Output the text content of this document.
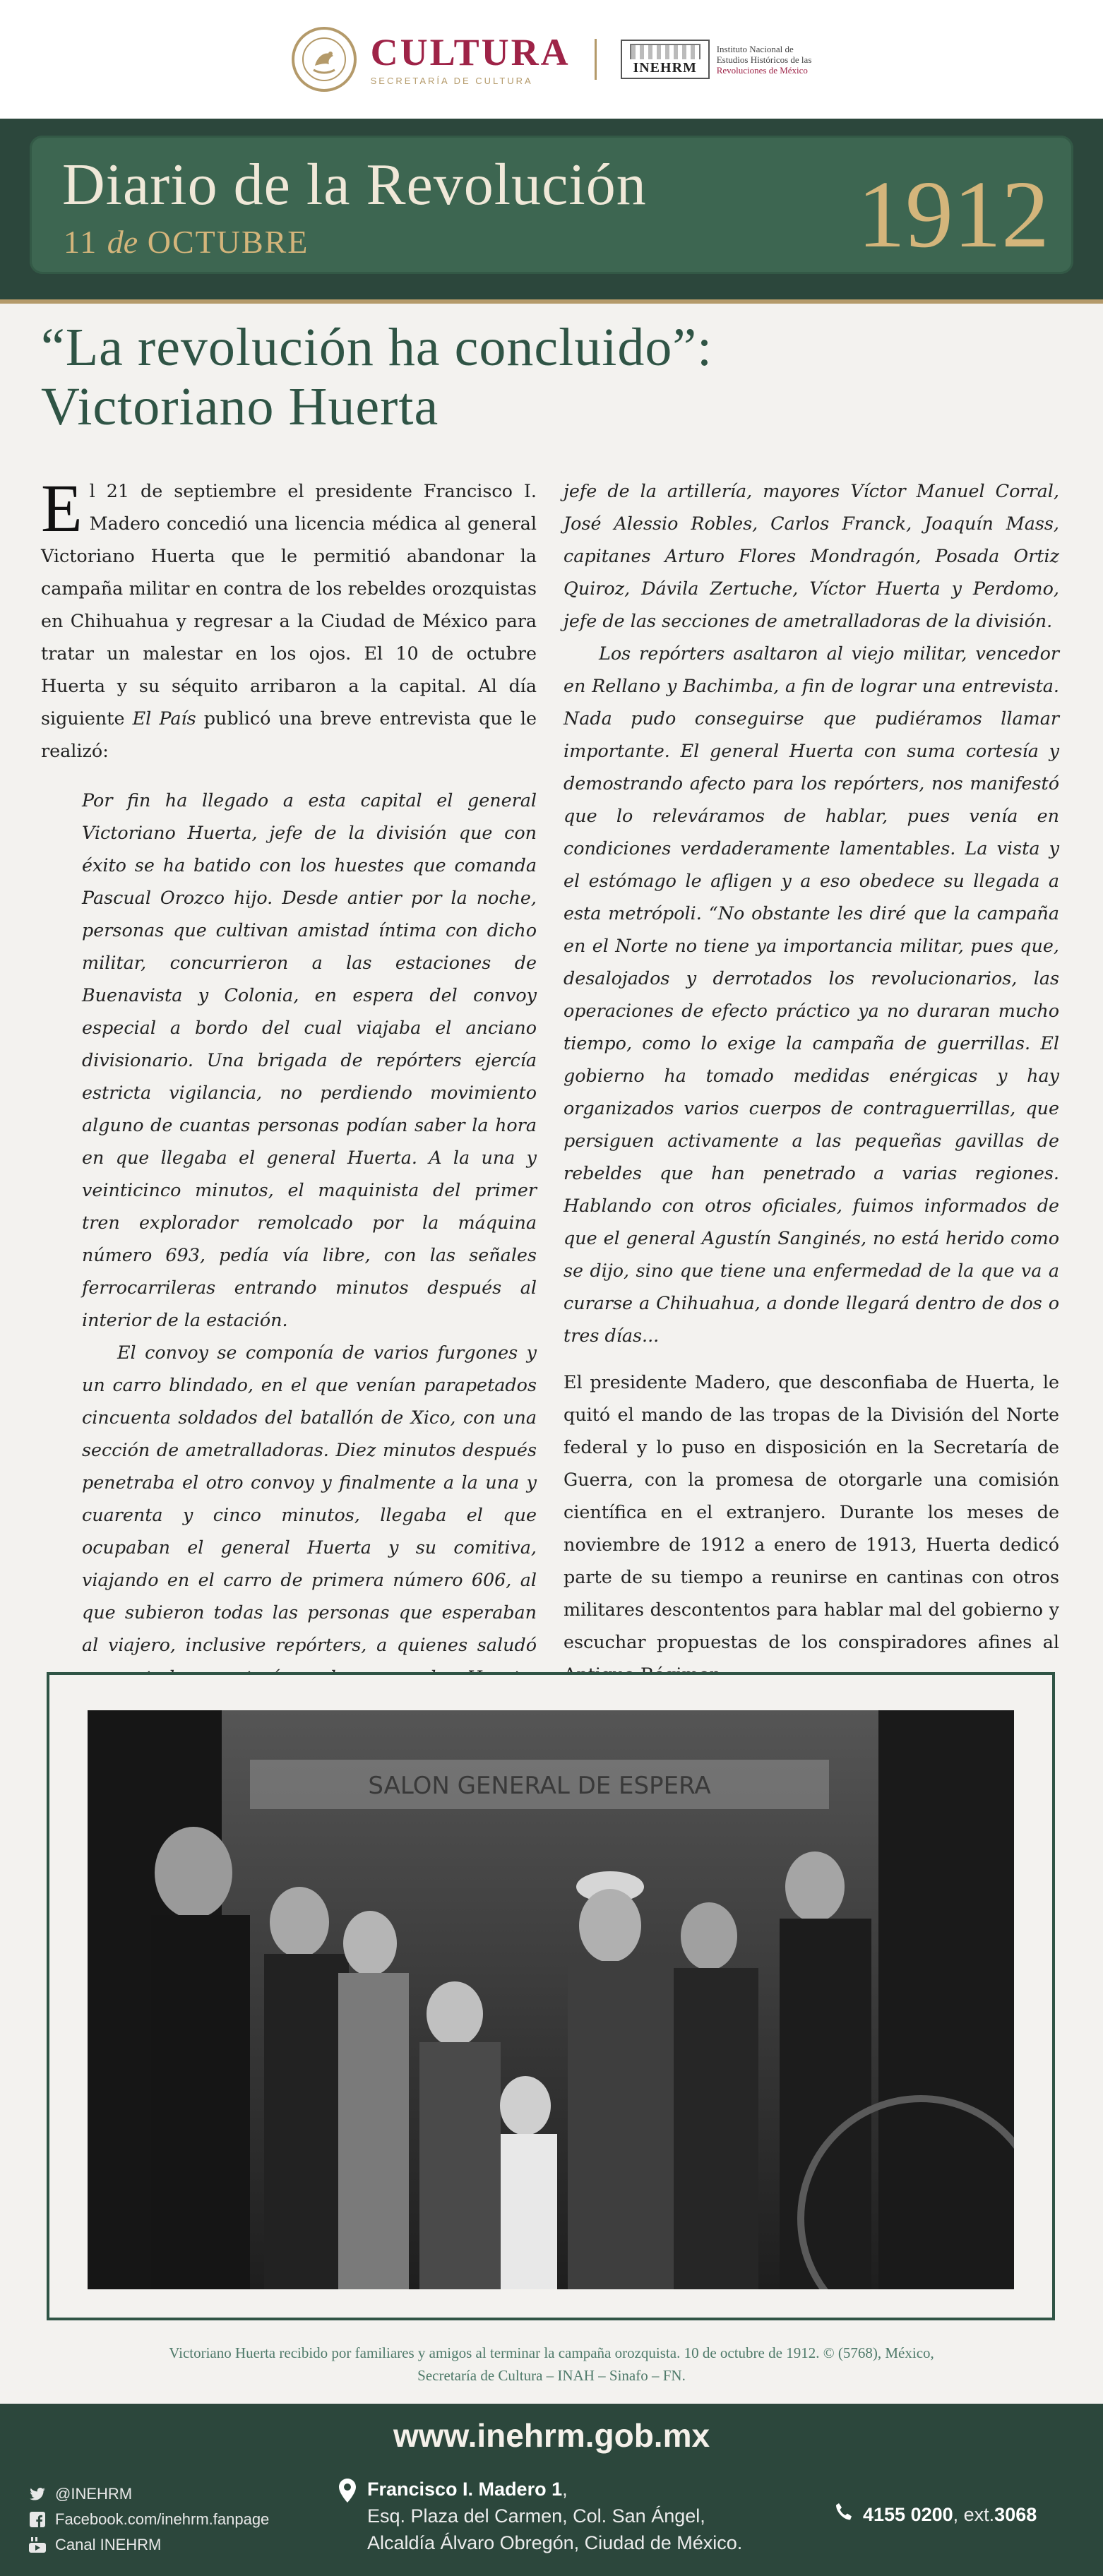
CULTURA
SECRETARÍA DE CULTURA
INEHRM
Instituto Nacional de
Estudios Históricos de las
Revoluciones de México
Diario de la Revolución
11 de OCTUBRE	1912
“La revolución ha concluido”:
Victoriano Huerta

El 21 de septiembre el presidente Francisco I. Madero concedió una licencia médica al general Victoriano Huerta que le permitió abandonar la campaña militar en contra de los rebeldes orozquistas en Chihuahua y regresar a la Ciudad de México para tratar un malestar en los ojos. El 10 de octubre Huerta y su séquito arribaron a la capital. Al día siguiente El País publicó una breve entrevista que le realizó:

Por fin ha llegado a esta capital el general Victoriano Huerta, jefe de la división que con éxito se ha batido con los huestes que comanda Pascual Orozco hijo. Desde antier por la noche, personas que cultivan amistad íntima con dicho militar, concurrieron a las estaciones de Buenavista y Colonia, en espera del convoy especial a bordo del cual viajaba el anciano divisionario. Una brigada de repórters ejercía estricta vigilancia, no perdiendo movimiento alguno de cuantas personas podían saber la hora en que llegaba el general Huerta. A la una y veinticinco minutos, el maquinista del primer tren explorador remolcado por la máquina número 693, pedía vía libre, con las señales ferrocarrileras entrando minutos después al interior de la estación.

El convoy se componía de varios furgones y un carro blindado, en el que venían parapetados cincuenta soldados del batallón de Xico, con una sección de ametralladoras. Diez minutos después penetraba el otro convoy y finalmente a la una y cuarenta y cinco minutos, llegaba el que ocupaban el general Huerta y su comitiva, viajando en el carro de primera número 606, al que subieron todas las personas que esperaban al viajero, inclusive repórters, a quienes saludó

jefe de la artillería, mayores Víctor Manuel Corral, José Alessio Robles, Carlos Franck, Joaquín Mass, capitanes Arturo Flores Mondragón, Posada Ortiz Quiroz, Dávila Zertuche, Víctor Huerta y Perdomo, jefe de las secciones de ametralladoras de la división.

Los repórters asaltaron al viejo militar, vencedor en Rellano y Bachimba, a fin de lograr una entrevista. Nada pudo conseguirse que pudiéramos llamar importante. El general Huerta con suma cortesía y demostrando afecto para los repórters, nos manifestó que lo releváramos de hablar, pues venía en condiciones verdaderamente lamentables. La vista y el estómago le afligen y a eso obedece su llegada a esta metrópoli. “No obstante les diré que la campaña en el Norte no tiene ya importancia militar, pues que, desalojados y derrotados los revolucionarios, las operaciones de efecto práctico ya no duraran mucho tiempo, como lo exige la campaña de guerrillas. El gobierno ha tomado medidas enérgicas y hay organizados varios cuerpos de contraguerrillas, que persiguen activamente a las pequeñas gavillas de rebeldes que han penetrado a varias regiones. Hablando con otros oficiales, fuimos informados de que el general Agustín Sanginés, no está herido como se dijo, sino que tiene una enfermedad de la que va a curarse a Chihuahua, a donde llegará dentro de dos o tres días...

El presidente Madero, que desconfiaba de Huerta, le quitó el mando de las tropas de la División del Norte federal y lo puso en disposición en la Secretaría de Guerra, con la promesa de otorgarle una comisión científica en el extranjero. Durante los meses de noviembre de 1912 a enero de 1913, Huerta dedicó parte de su tiempo a reunirse en cantinas con otros militares descontentos para hablar mal del gobierno y escuchar propuestas de los conspiradores afines al

SALON GENERAL DE ESPERA
Victoriano Huerta recibido por familiares y amigos al terminar la campaña orozquista. 10 de octubre de 1912. © (5768), México,
Secretaría de Cultura – INAH – Sinafo – FN.
www.inehrm.gob.mx
@INEHRM
Facebook.com/inehrm.fanpage
Canal INEHRM
Francisco I. Madero 1,
Esq. Plaza del Carmen, Col. San Ángel,
Alcaldía Álvaro Obregón, Ciudad de México.
4155 0200 , ext. 3068
